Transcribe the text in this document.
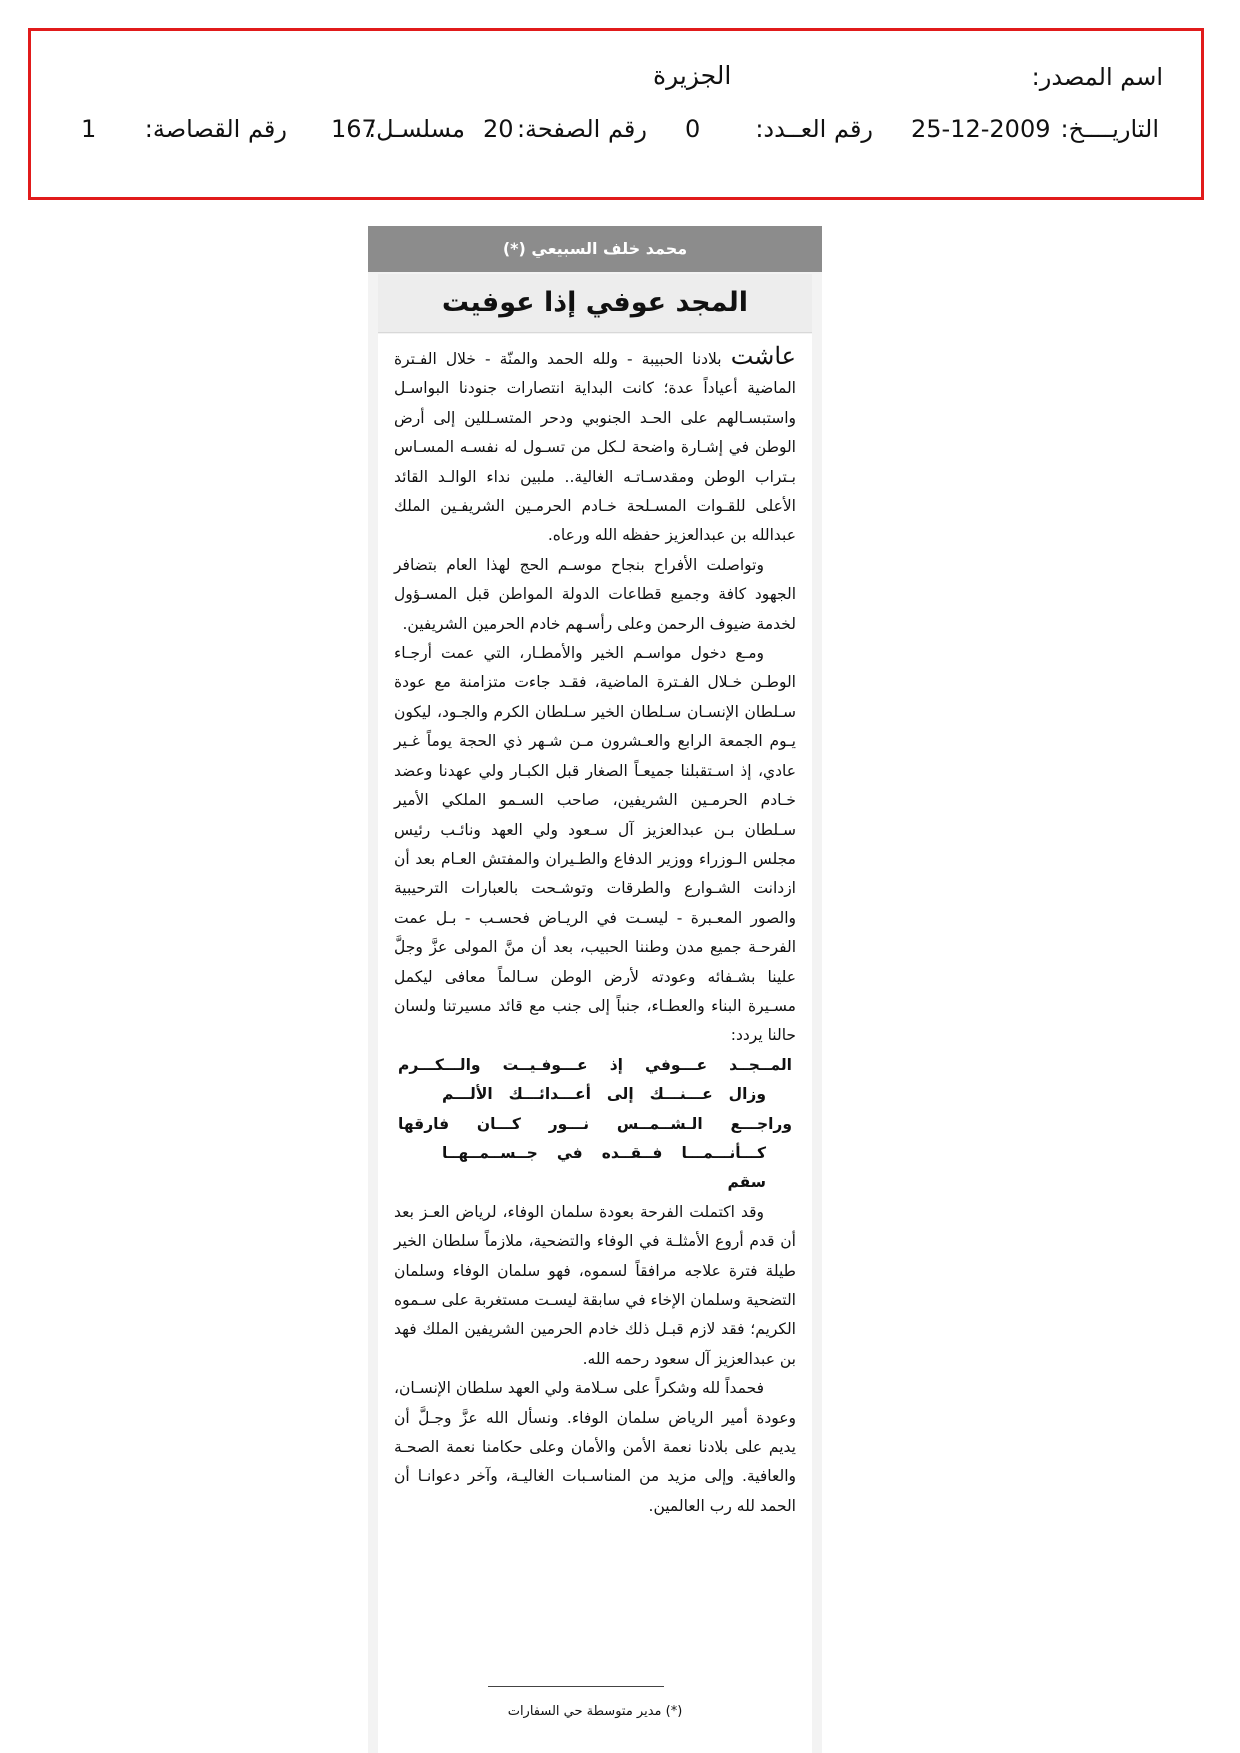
اسم المصدر:
الجزيرة
التاريــــخ:
25-12-2009
رقم العــدد:
0
رقم الصفحة:
20
مسلسـل:
167
رقم القصاصة:
1
محمد خلف السبيعي (*)
المجد عوفي إذا عوفيت

عاشت بلادنا الحبيبة - ولله الحمد والمنّة - خلال الفـترة الماضية أعياداً عدة؛ كانت البداية انتصارات جنودنا البواسـل واستبسـالهم على الحـد الجنوبي ودحر المتسـللين إلى أرض الوطن في إشـارة واضحة لـكل من تسـول له نفسـه المسـاس بـتراب الوطن ومقدسـاتـه الغالية.. ملبين نداء الوالـد القائد الأعلى للقـوات المسـلحة خـادم الحرمـين الشريفـين الملك عبدالله بن عبدالعزيز حفظه الله ورعاه.

وتواصلت الأفراح بنجاح موسـم الحج لهذا العام بتضافر الجهود كافة وجميع قطاعات الدولة المواطن قبل المسـؤول لخدمة ضيوف الرحمن وعلى رأسـهم خادم الحرمين الشريفين.

ومـع دخول مواسـم الخير والأمطـار، التي عمت أرجـاء الوطـن خـلال الفـترة الماضية، فقـد جاءت متزامنة مع عودة سـلطان الإنسـان سـلطان الخير سـلطان الكرم والجـود، ليكون يـوم الجمعة الرابع والعـشرون مـن شـهر ذي الحجة يوماً غـير عادي، إذ اسـتقبلنا جميعـاً الصغار قبل الكبـار ولي عهدنا وعضد خـادم الحرمـين الشريفين، صاحب السـمو الملكي الأمير سـلطان بـن عبدالعزيز آل سـعود ولي العهد ونائـب رئيس مجلس الـوزراء ووزير الدفاع والطـيران والمفتش العـام بعد أن ازدانت الشـوارع والطرقات وتوشـحت بالعبارات الترحيبية والصور المعـبرة - ليسـت في الريـاض فحسـب - بـل عمت الفرحـة جميع مدن وطننا الحبيب، بعد أن منَّ المولى عزَّ وجلَّ علينا بشـفائه وعودته لأرض الوطن سـالماً معافى ليكمل مسـيرة البناء والعطـاء، جنباً إلى جنب مع قائد مسيرتنا ولسان حالنا يردد:

المــجــد عـــوفي إذ عـــوفـيــت والـــكـــرم
وزال عـــنـــك إلى أعـــدائـــك الألـــم
وراجـــع الـشــمــس نـــور كـــان فارقها
كـــأنـــمـــا فــقــده في جــســمــهــا سقم

وقد اكتملت الفرحة بعودة سلمان الوفاء، لرياض العـز بعد أن قدم أروع الأمثلـة في الوفاء والتضحية، ملازماً سلطان الخير طيلة فترة علاجه مرافقاً لسموه، فهو سلمان الوفاء وسلمان التضحية وسلمان الإخاء في سابقة ليسـت مستغربة على سـموه الكريم؛ فقد لازم قبـل ذلك خادم الحرمين الشريفين الملك فهد بن عبدالعزيز آل سعود رحمه الله.

فحمداً لله وشكراً على سـلامة ولي العهد سلطان الإنسـان، وعودة أمير الرياض سلمان الوفاء. ونسأل الله عزَّ وجـلَّ أن يديم على بلادنا نعمة الأمن والأمان وعلى حكامنا نعمة الصحـة والعافية. وإلى مزيد من المناسـبات الغاليـة، وآخر دعوانـا أن الحمد لله رب العالمين.

(*) مدير متوسطة حي السفارات
